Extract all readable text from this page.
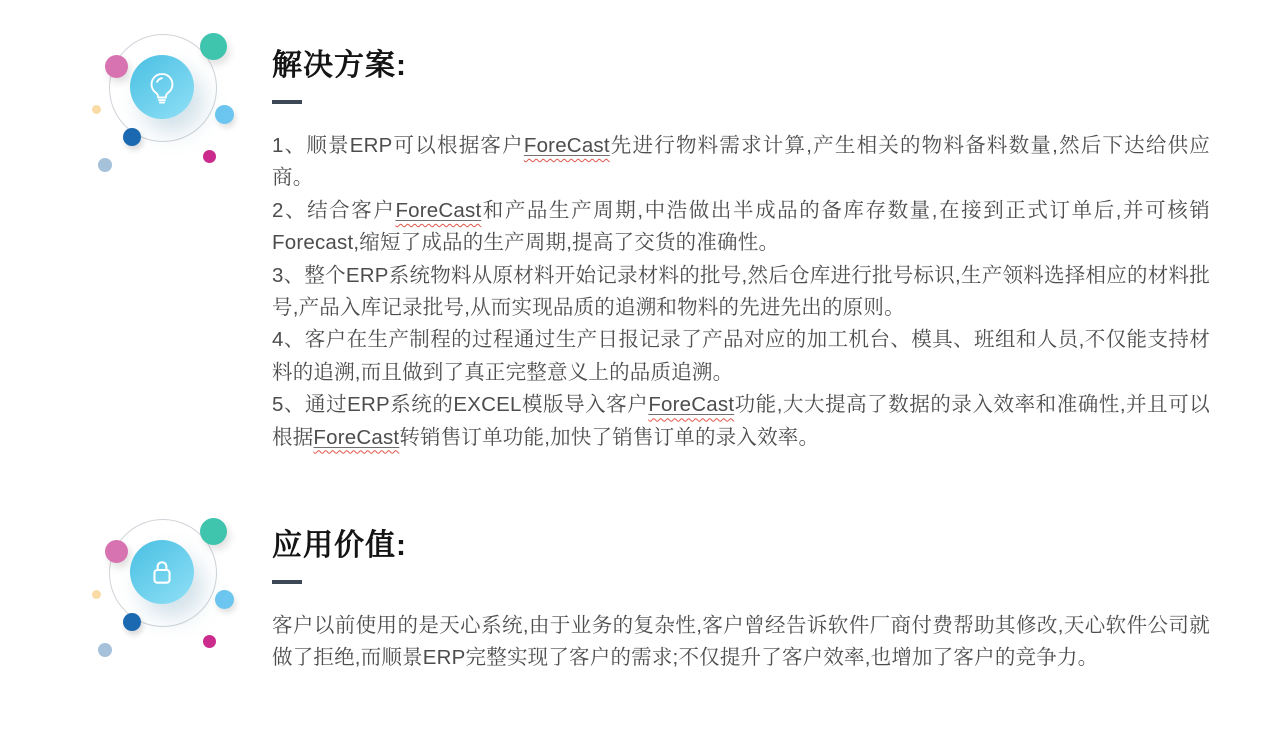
解决方案:

1、顺景ERP可以根据客户ForeCast先进行物料需求计算,产生相关的物料备料数量,然后下达给供应商。

2、结合客户ForeCast和产品生产周期,中浩做出半成品的备库存数量,在接到正式订单后,并可核销Forecast,缩短了成品的生产周期,提高了交货的准确性。

3、整个ERP系统物料从原材料开始记录材料的批号,然后仓库进行批号标识,生产领料选择相应的材料批号,产品入库记录批号,从而实现品质的追溯和物料的先进先出的原则。

4、客户在生产制程的过程通过生产日报记录了产品对应的加工机台、模具、班组和人员,不仅能支持材料的追溯,而且做到了真正完整意义上的品质追溯。

5、通过ERP系统的EXCEL模版导入客户ForeCast功能,大大提高了数据的录入效率和准确性,并且可以根据ForeCast转销售订单功能,加快了销售订单的录入效率。

应用价值:

客户以前使用的是天心系统,由于业务的复杂性,客户曾经告诉软件厂商付费帮助其修改,天心软件公司就做了拒绝,而顺景ERP完整实现了客户的需求;不仅提升了客户效率,也增加了客户的竞争力。
